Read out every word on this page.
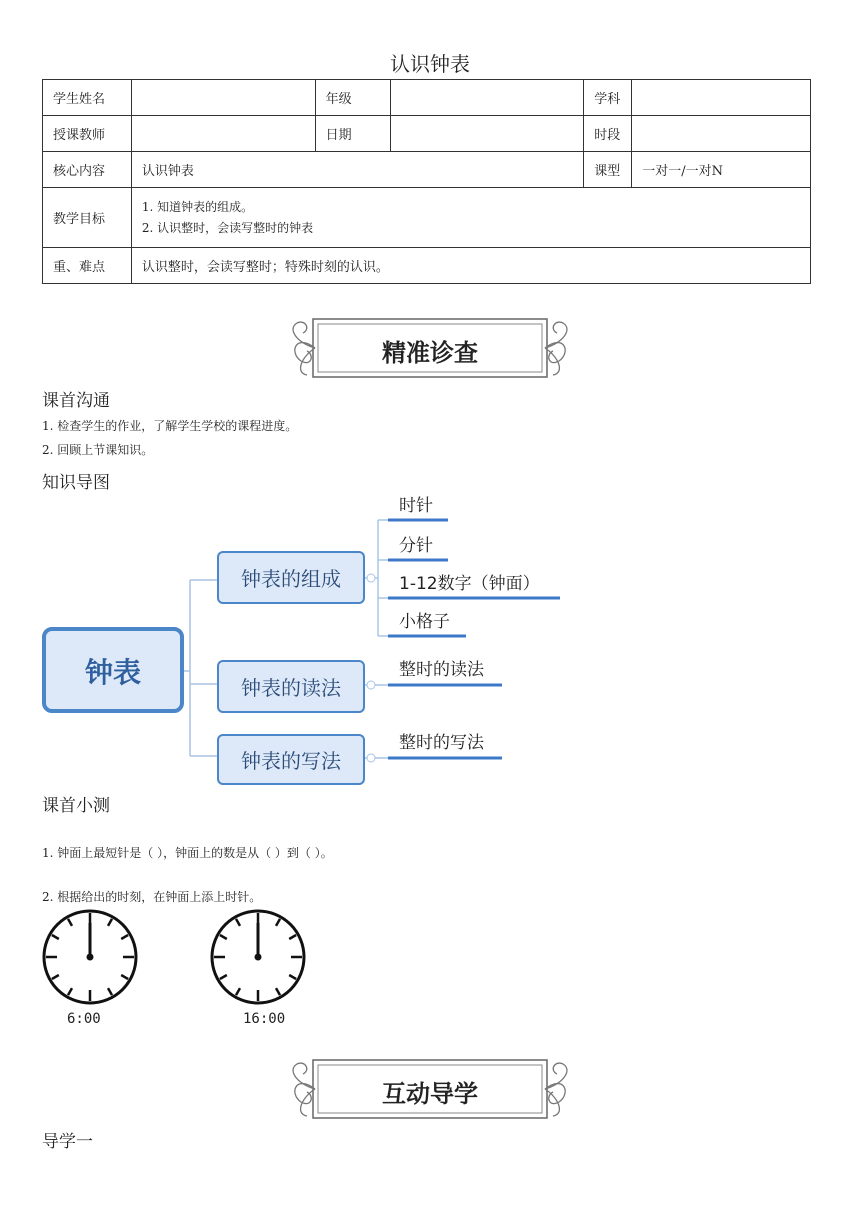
认识钟表
学生姓名		年级		学科	
授课教师		日期		时段	
核心内容	认识钟表			课型	一对一/一对N
教学目标	1. 知道钟表的组成。
2. 认识整时，会读写整时的钟表				

重、难点	认识整时，会读写整时；特殊时刻的认识。				
精准诊查
课首沟通
1. 检查学生的作业，了解学生学校的课程进度。
2. 回顾上节课知识。
知识导图
钟表
钟表的组成
钟表的读法
钟表的写法
时针
分针
1-12数字（钟面）
小格子
整时的读法
整时的写法
课首小测
1. 钟面上最短针是（ ），钟面上的数是从（ ）到（ ）。
2. 根据给出的时刻，在钟面上添上时针。
6:00	16:00
互动导学
导学一
